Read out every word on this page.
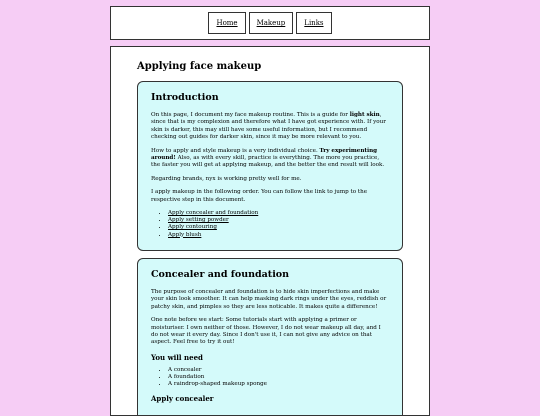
Home	Makeup	Links
Applying face makeup
Introduction

On this page, I document my face makeup routine. This is a guide for light skin, since that is my complexion and therefore what I have got experience with. If your skin is darker, this may still have some useful information, but I recommend checking out guides for darker skin, since it may be more relevant to you.

How to apply and style makeup is a very individual choice. Try experimenting around! Also, as with every skill, practice is everything. The more you practice, the faster you will get at applying makeup, and the better the end result will look.

Regarding brands, nyx is working pretty well for me.

I apply makeup in the following order. You can follow the link to jump to the respective step in this document.

• Apply concealer and foundation
• Apply setting powder
• Apply contouring
• Apply blush
Concealer and foundation

The purpose of concealer and foundation is to hide skin imperfections and make your skin look smoother. It can help masking dark rings under the eyes, reddish or patchy skin, and pimples so they are less noticable. It makes quite a difference!

One note before we start: Some tutorials start with applying a primer or moisturiser. I own neither of those. However, I do not wear makeup all day, and I do not wear it every day. Since I don't use it, I can not give any advice on that aspect. Feel free to try it out!

You will need
• A concealer
• A foundation
• A raindrop-shaped makeup sponge
Apply concealer
